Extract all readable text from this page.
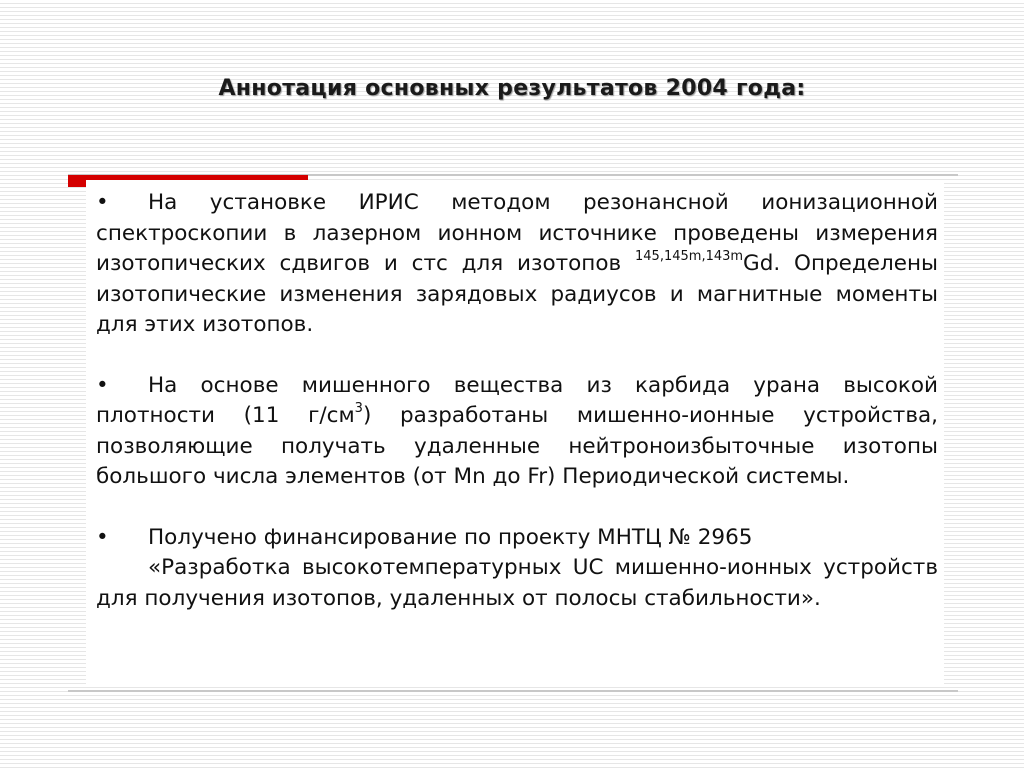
Аннотация основных результатов 2004 года:

• На установке ИРИС методом резонансной ионизационной спектроскопии в лазерном ионном источнике проведены измерения изотопических сдвигов и стс для изотопов $^{145,145m,143m}$Gd. Определены изотопические изменения зарядовых радиусов и магнитные моменты для этих изотопов.

• На основе мишенного вещества из карбида урана высокой плотности (11 $г/см^3$) разработаны мишенно-ионные устройства, позволяющие получать удаленные нейтроноизбыточные изотопы большого числа элементов (от Mn до Fr) Периодической системы.

• Получено финансирование по проекту МНТЦ № 2965
«Разработка высокотемпературных UC мишенно-ионных устройств для получения изотопов, удаленных от полосы стабильности».
